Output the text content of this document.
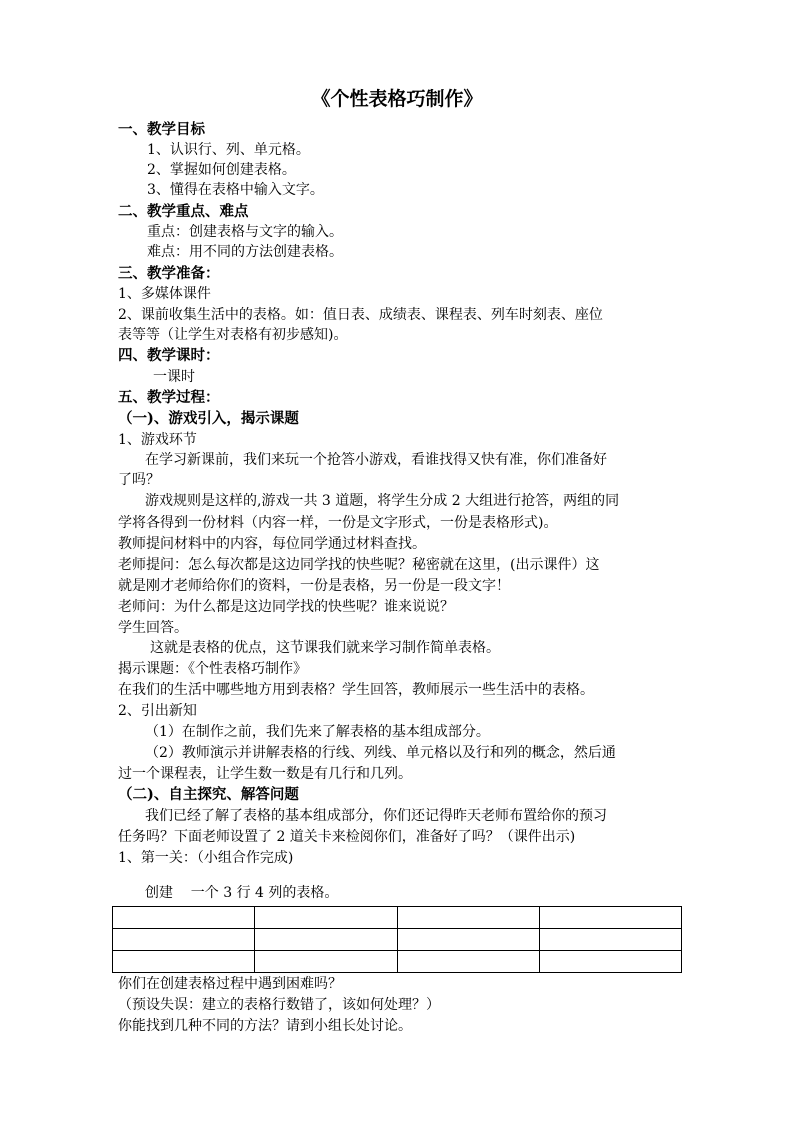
《个性表格巧制作》
一、教学目标
1、认识行、列、单元格。
2、掌握如何创建表格。
3、懂得在表格中输入文字。
二、教学重点、难点
重点：创建表格与文字的输入。
难点：用不同的方法创建表格。
三、教学准备：
1、多媒体课件
2、课前收集生活中的表格。如：值日表、成绩表、课程表、列车时刻表、座位
表等等（让学生对表格有初步感知)。
四、教学课时：
一课时
五、教学过程：
（一)、游戏引入，揭示课题
1、游戏环节
在学习新课前，我们来玩一个抢答小游戏，看谁找得又快有准，你们准备好
了吗？
游戏规则是这样的,游戏一共 3 道题，将学生分成 2 大组进行抢答，两组的同
学将各得到一份材料（内容一样，一份是文字形式，一份是表格形式)。
教师提问材料中的内容，每位同学通过材料查找。
老师提问：怎么每次都是这边同学找的快些呢？秘密就在这里，(出示课件）这
就是刚才老师给你们的资料，一份是表格，另一份是一段文字！
老师问：为什么都是这边同学找的快些呢？谁来说说？
学生回答。
这就是表格的优点，这节课我们就来学习制作简单表格。
揭示课题：《个性表格巧制作》
在我们的生活中哪些地方用到表格？学生回答，教师展示一些生活中的表格。
2、引出新知
（1）在制作之前，我们先来了解表格的基本组成部分。
（2）教师演示并讲解表格的行线、列线、单元格以及行和列的概念，然后通
过一个课程表，让学生数一数是有几行和几列。
（二)、自主探究、解答问题
我们已经了解了表格的基本组成部分，你们还记得昨天老师布置给你的预习
任务吗？下面老师设置了 2 道关卡来检阅你们，准备好了吗？（课件出示)
1、第一关：（小组合作完成)
创建    一个 3 行 4 列的表格。

你们在创建表格过程中遇到困难吗？
（预设失误：建立的表格行数错了，该如何处理？）
你能找到几种不同的方法？请到小组长处讨论。
